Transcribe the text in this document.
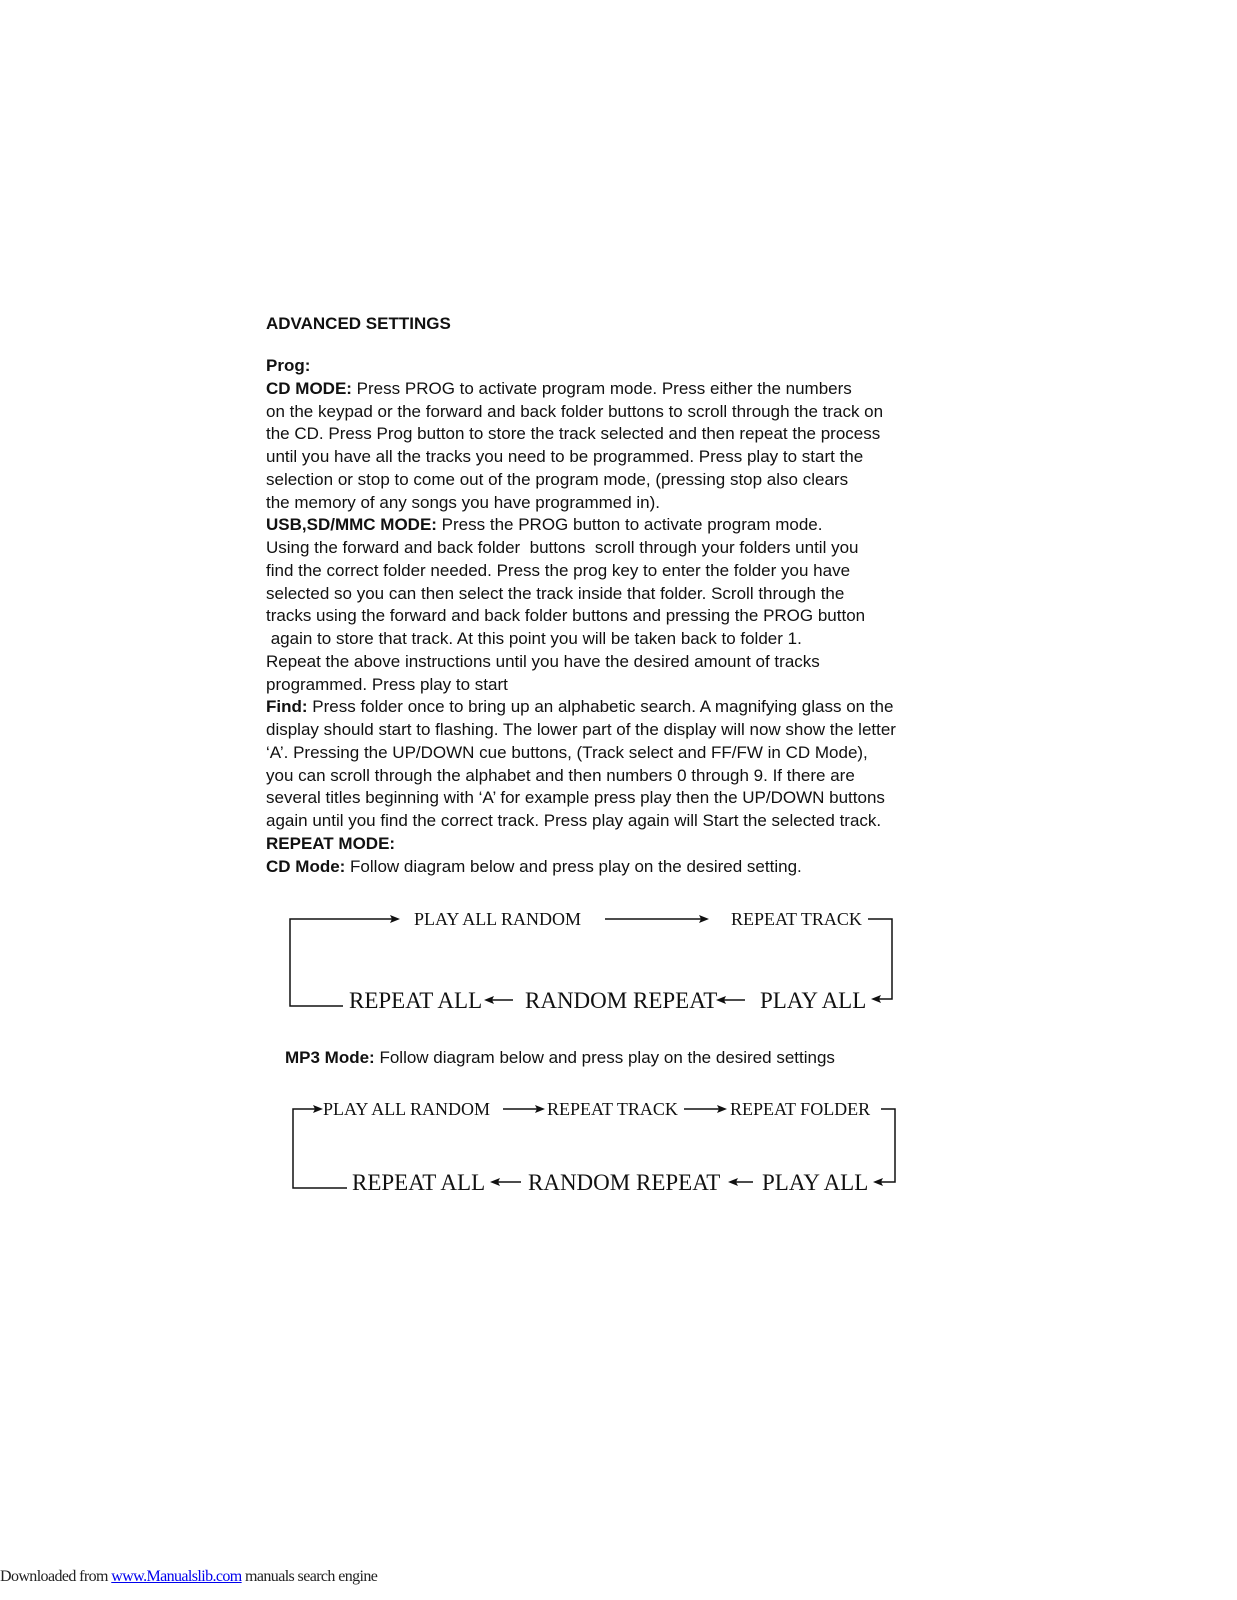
ADVANCED SETTINGS
Prog:
CD MODE: Press PROG to activate program mode. Press either the numbers
on the keypad or the forward and back folder buttons to scroll through the track on
the CD. Press Prog button to store the track selected and then repeat the process
until you have all the tracks you need to be programmed. Press play to start the
selection or stop to come out of the program mode, (pressing stop also clears
the memory of any songs you have programmed in).
USB,SD/MMC MODE: Press the PROG button to activate program mode.
Using the forward and back folder  buttons  scroll through your folders until you
find the correct folder needed. Press the prog key to enter the folder you have
selected so you can then select the track inside that folder. Scroll through the
tracks using the forward and back folder buttons and pressing the PROG button
again to store that track. At this point you will be taken back to folder 1.
Repeat the above instructions until you have the desired amount of tracks
programmed. Press play to start
Find: Press folder once to bring up an alphabetic search. A magnifying glass on the
display should start to flashing. The lower part of the display will now show the letter
‘A’. Pressing the UP/DOWN cue buttons, (Track select and FF/FW in CD Mode),
you can scroll through the alphabet and then numbers 0 through 9. If there are
several titles beginning with ‘A’ for example press play then the UP/DOWN buttons
again until you find the correct track. Press play again will Start the selected track.
REPEAT MODE:
CD Mode: Follow diagram below and press play on the desired setting.
PLAY ALL RANDOM	REPEAT TRACK
REPEAT ALL RANDOM REPEAT PLAY ALL
MP3 Mode: Follow diagram below and press play on the desired settings
PLAY ALL RANDOM	REPEAT TRACK	REPEAT FOLDER
REPEAT ALL RANDOM REPEAT PLAY ALL
Downloaded from www.Manualslib.com manuals search engine
